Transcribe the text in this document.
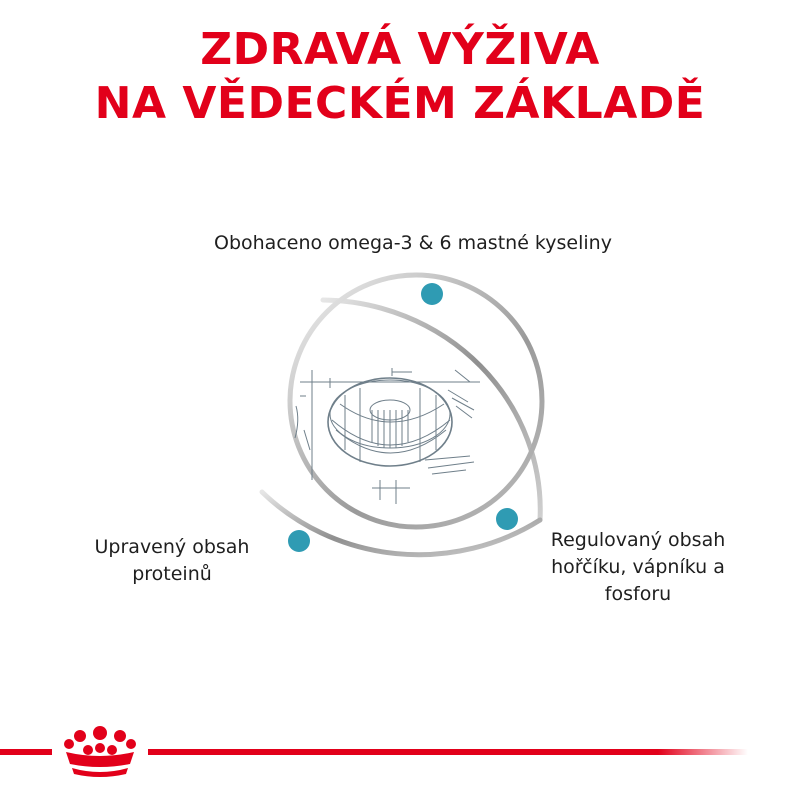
ZDRAVÁ VÝŽIVA
NA VĚDECKÉM ZÁKLADĚ
Obohaceno omega-3 & 6 mastné kyseliny
Upravený obsah
proteinů
Regulovaný obsah
hořčíku, vápníku a
fosforu
